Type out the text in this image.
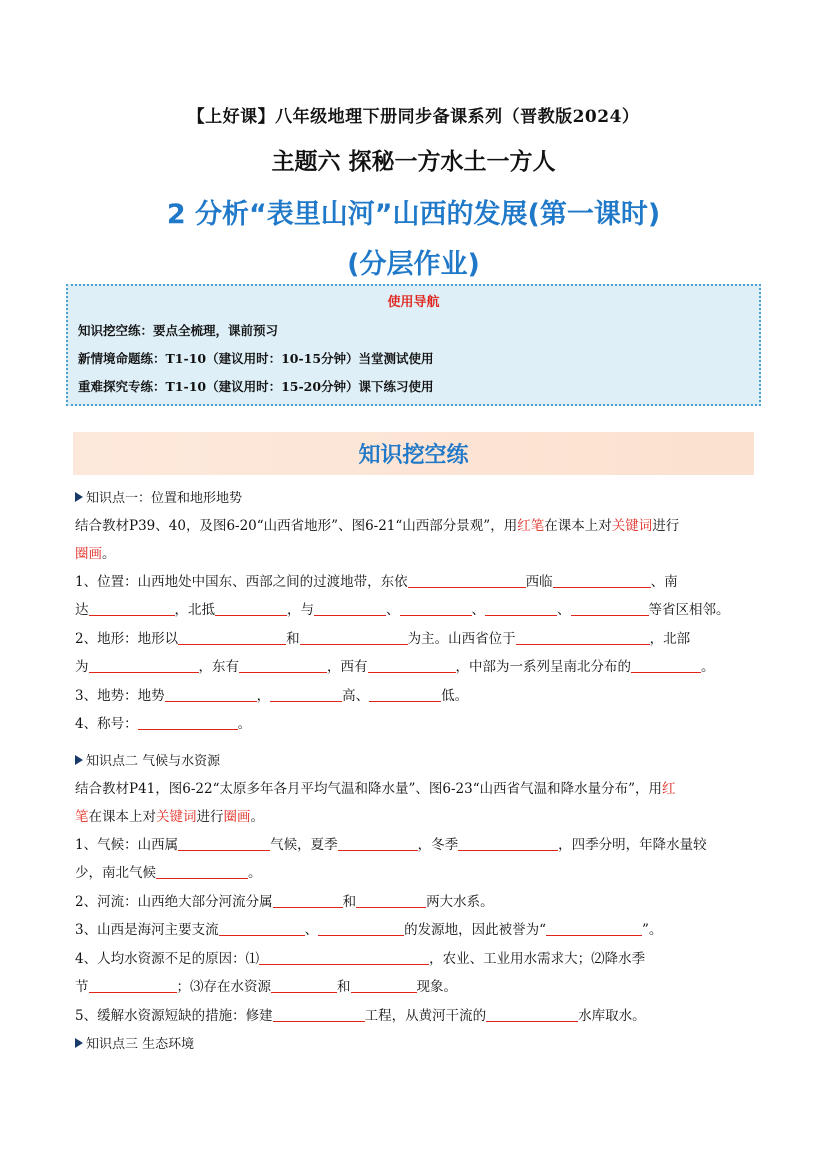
【上好课】八年级地理下册同步备课系列（晋教版2024）
主题六 探秘一方水土一方人
2 分析“表里山河”山西的发展(第一课时)
(分层作业)
使用导航
知识挖空练：要点全梳理，课前预习
新情境命题练：T1-10（建议用时：10-15分钟）当堂测试使用
重难探究专练：T1-10（建议用时：15-20分钟）课下练习使用
知识挖空练
知识点一：位置和地形地势
结合教材P39、40，及图6-20“山西省地形”、图6-21“山西部分景观”，用红笔在课本上对关键词进行
圈画。
1、位置：山西地处中国东、西部之间的过渡地带，东依	西临	、南
达	，北抵	，与	、	、	、	等省区相邻。
2、地形：地形以	和	为主。山西省位于	，北部
为	，东有	，西有	，中部为一系列呈南北分布的	。
3、地势：地势	，	高、	低。
4、称号：	。
知识点二 气候与水资源
结合教材P41，图6-22“太原多年各月平均气温和降水量”、图6-23“山西省气温和降水量分布”，用红
笔在课本上对关键词进行圈画。
1、气候：山西属	气候，夏季	，冬季	，四季分明，年降水量较
少，南北气候	。
2、河流：山西绝大部分河流分属	和	两大水系。
3、山西是海河主要支流	、	的发源地，因此被誉为“	”。
4、人均水资源不足的原因：⑴	，农业、工业用水需求大；⑵降水季
节	；⑶存在水资源	和	现象。
5、缓解水资源短缺的措施：修建	工程，从黄河干流的	水库取水。
知识点三 生态环境
